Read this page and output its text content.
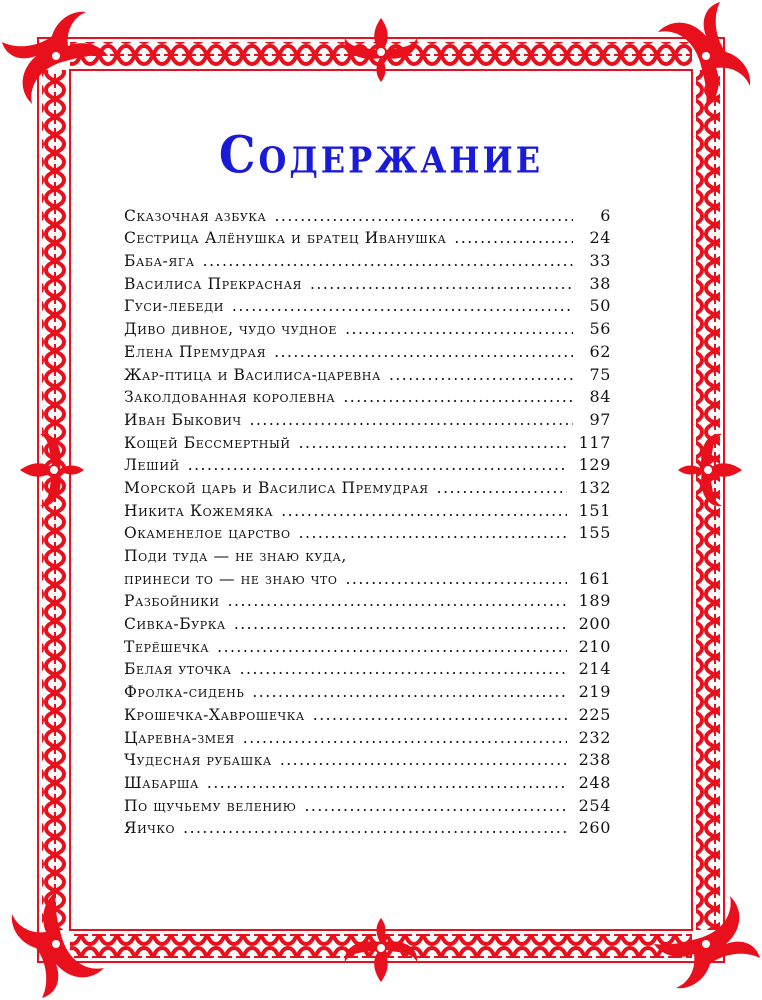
Содержание
Сказочная азбука .....	6
Сестрица Алёнушка и братец Иванушка .....	24
Баба-яга .....	33
Василиса Прекрасная .....	38
Гуси-лебеди .....	50
Диво дивное, чудо чудное .....	56
Елена Премудрая .....	62
Жар-птица и Василиса-царевна .....	75
Заколдованная королевна .....	84
Иван Быкович .....	97
Кощей Бессмертный .....	117
Леший .....	129
Морской царь и Василиса Премудрая .....	132
Никита Кожемяка .....	151
Окаменелое царство .....	155
Поди туда — не знаю куда,
принеси то — не знаю что .....	161
Разбойники .....	189
Сивка-Бурка .....	200
Терёшечка .....	210
Белая уточка .....	214
Фролка-сидень .....	219
Крошечка-Хаврошечка .....	225
Царевна-змея .....	232
Чудесная рубашка .....	238
Шабарша .....	248
По щучьему велению .....	254
Яичко .....	260
